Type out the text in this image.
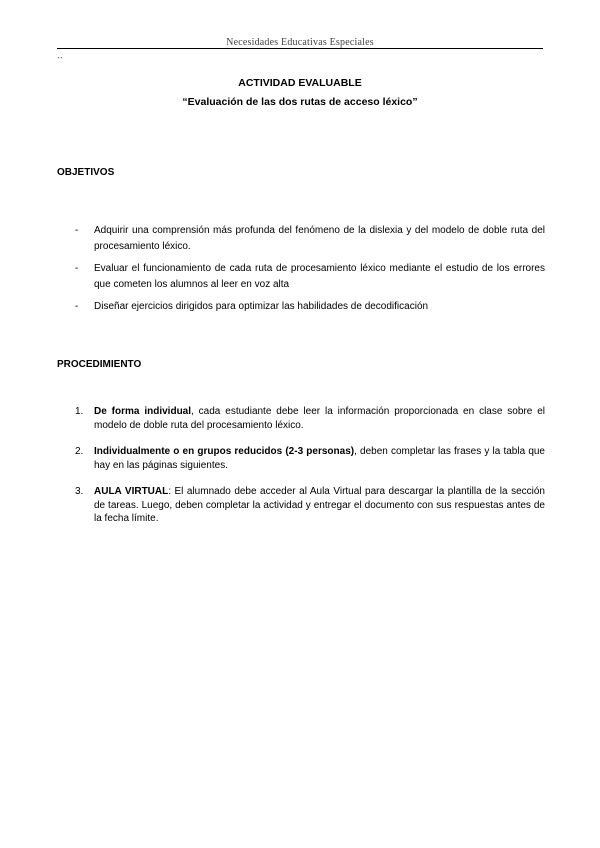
Necesidades Educativas Especiales
``
ACTIVIDAD EVALUABLE
“Evaluación de las dos rutas de acceso léxico”
OBJETIVOS
- Adquirir una comprensión más profunda del fenómeno de la dislexia y del modelo de doble ruta del procesamiento léxico.
- Evaluar el funcionamiento de cada ruta de procesamiento léxico mediante el estudio de los errores que cometen los alumnos al leer en voz alta
- Diseñar ejercicios dirigidos para optimizar las habilidades de decodificación
PROCEDIMIENTO
1. De forma individual, cada estudiante debe leer la información proporcionada en clase sobre el modelo de doble ruta del procesamiento léxico.
2. Individualmente o en grupos reducidos (2-3 personas), deben completar las frases y la tabla que hay en las páginas siguientes.
3. AULA VIRTUAL: El alumnado debe acceder al Aula Virtual para descargar la plantilla de la sección de tareas. Luego, deben completar la actividad y entregar el documento con sus respuestas antes de la fecha límite.
